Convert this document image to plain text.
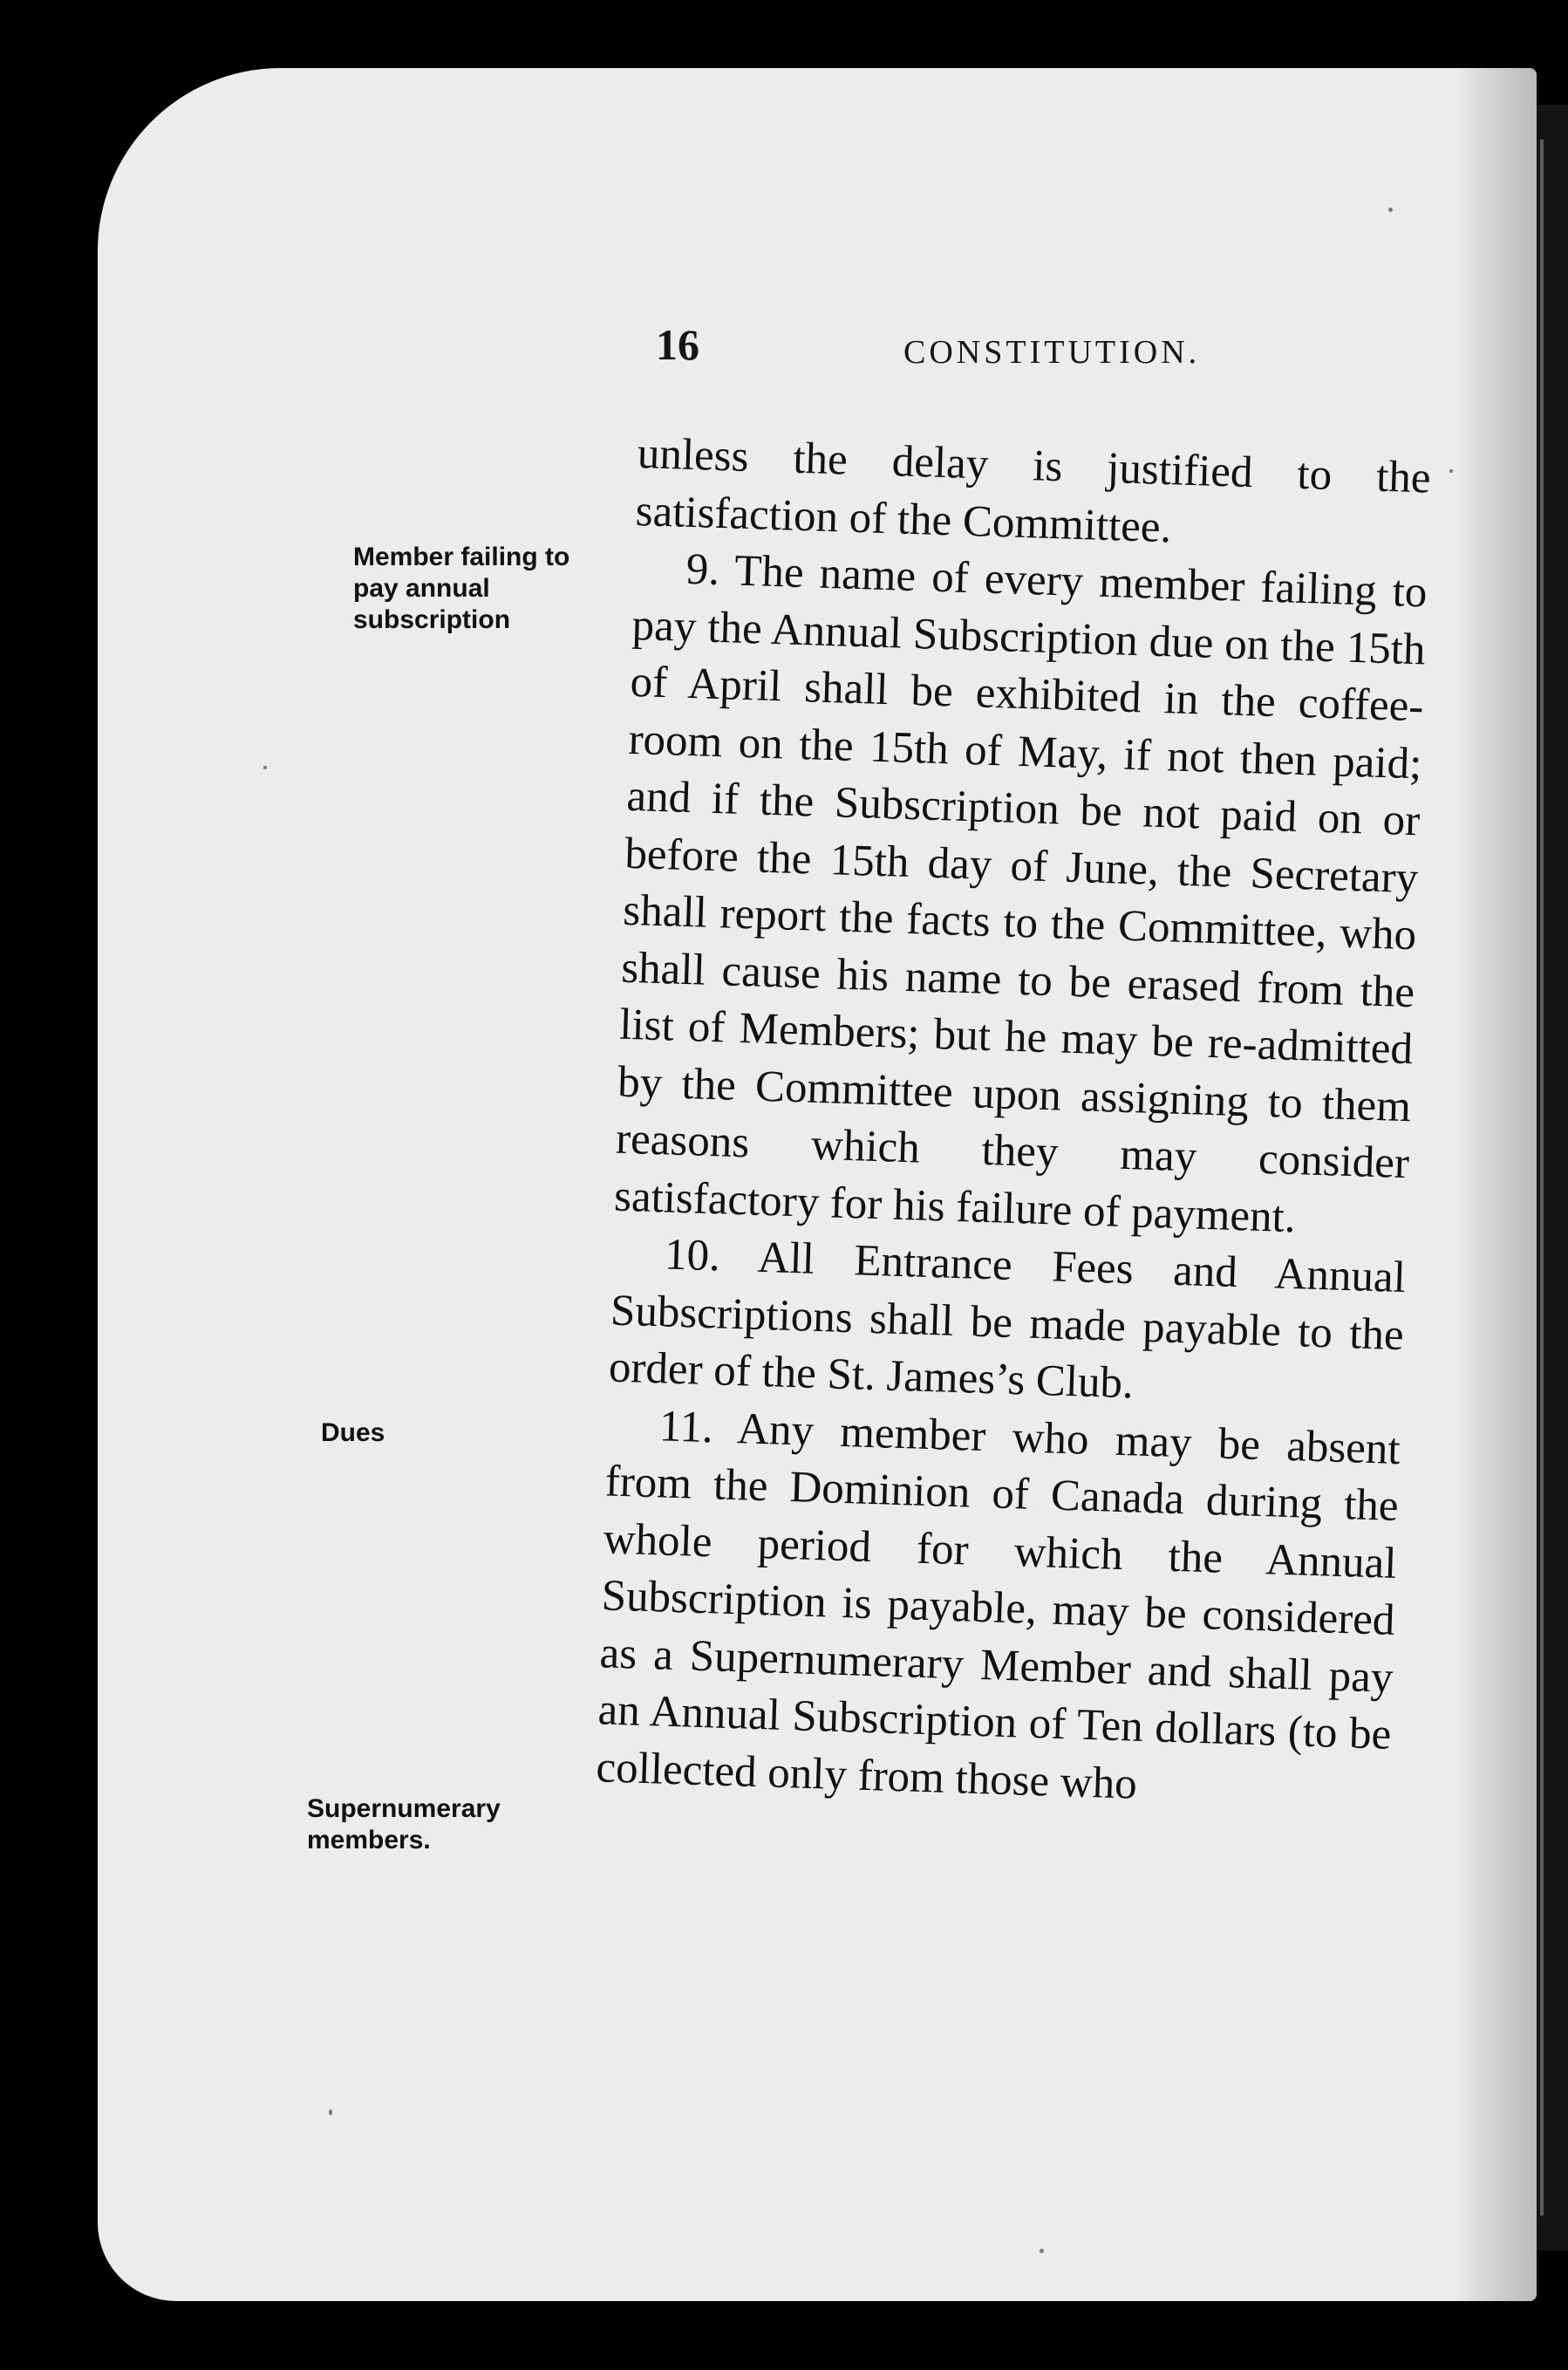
16	CONSTITUTION.
Member failing to
pay annual
subscription
Dues
Supernumerary
members.

unless the delay is justified to the satisfaction of the Committee.

9. The name of every member failing to pay the Annual Subscription due on the 15th of April shall be exhibited in the coffee-room on the 15th of May, if not then paid; and if the Subscription be not paid on or before the 15th day of June, the Secretary shall report the facts to the Committee, who shall cause his name to be erased from the list of Members; but he may be re-admitted by the Committee upon assigning to them reasons which they may consider satisfactory for his failure of payment.

10. All Entrance Fees and Annual Subscriptions shall be made payable to the order of the St. James’s Club.

11. Any member who may be absent from the Dominion of Canada during the whole period for which the Annual Subscription is payable, may be considered as a Supernumerary Member and shall pay an Annual Subscription of Ten dollars (to be collected only from those who
